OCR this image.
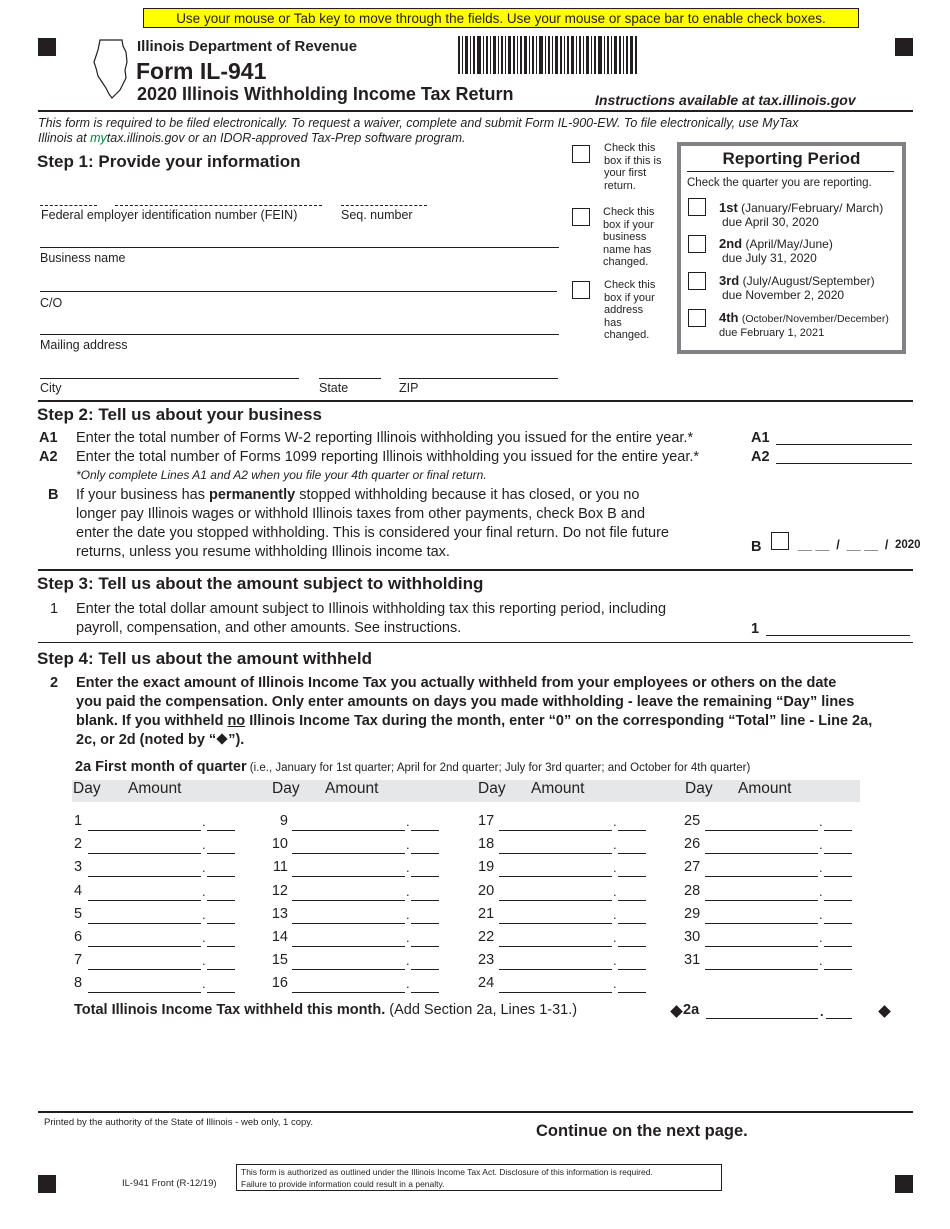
Use your mouse or Tab key to move through the fields. Use your mouse or space bar to enable check boxes.
Illinois Department of Revenue
Form IL-941
2020 Illinois Withholding Income Tax Return	Instructions available at tax.illinois.gov
This form is required to be filed electronically. To request a waiver, complete and submit Form IL-900-EW. To file electronically, use MyTax
Illinois at mytax.illinois.gov or an IDOR-approved Tax-Prep software program.
Step 1: Provide your information
Federal employer identification number (FEIN)	Seq. number
Business name
C/O
Mailing address
City	State	ZIP
Check this
box if this is
your first
return.
Check this
box if your
business
name has
changed.
Check this
box if your
address
has
changed.
Reporting Period
Check the quarter you are reporting.
1st (January/February/ March)
due April 30, 2020
2nd (April/May/June)
due July 31, 2020
3rd (July/August/September)
due November 2, 2020
4th (October/November/December)
due February 1, 2021
Step 2: Tell us about your business
A1 Enter the total number of Forms W-2 reporting Illinois withholding you issued for the entire year.*	A1
A2 Enter the total number of Forms 1099 reporting Illinois withholding you issued for the entire year.*	A2
*Only complete Lines A1 and A2 when you file your 4th quarter or final return.
B If your business has permanently stopped withholding because it has closed, or you no
longer pay Illinois wages or withhold Illinois taxes from other payments, check Box B and
enter the date you stopped withholding. This is considered your final return. Do not file future
returns, unless you resume withholding Illinois income tax.	B	__ __  /  __ __  / 2020
Step 3: Tell us about the amount subject to withholding
1 Enter the total dollar amount subject to Illinois withholding tax this reporting period, including
payroll, compensation, and other amounts. See instructions.	1
Step 4: Tell us about the amount withheld
2 Enter the exact amount of Illinois Income Tax you actually withheld from your employees or others on the date
you paid the compensation. Only enter amounts on days you made withholding - leave the remaining “Day” lines
blank. If you withheld no Illinois Income Tax during the month, enter “0” on the corresponding “Total” line - Line 2a,
2c, or 2d (noted by “ ”).
2a First month of quarter (i.e., January for 1st quarter; April for 2nd quarter; July for 3rd quarter; and October for 4th quarter)
Day Amount	Day Amount	Day Amount	Day Amount
1	.
2	.
3	.
4	.
5	.
6	.
7	.
8	.
9	.
10	.
11	.
12	.
13	.
14	.
15	.
16	.
17	.
18	.
19	.
20	.
21	.
22	.
23	.
24	.
25	.
26	.
27	.
28	.
29	.
30	.
31	.
Total Illinois Income Tax withheld this month. (Add Section 2a, Lines 1-31.)	2a	.
Printed by the authority of the State of Illinois - web only, 1 copy.	Continue on the next page.
IL-941 Front (R-12/19)
This form is authorized as outlined under the Illinois Income Tax Act. Disclosure of this information is required.
Failure to provide information could result in a penalty.
